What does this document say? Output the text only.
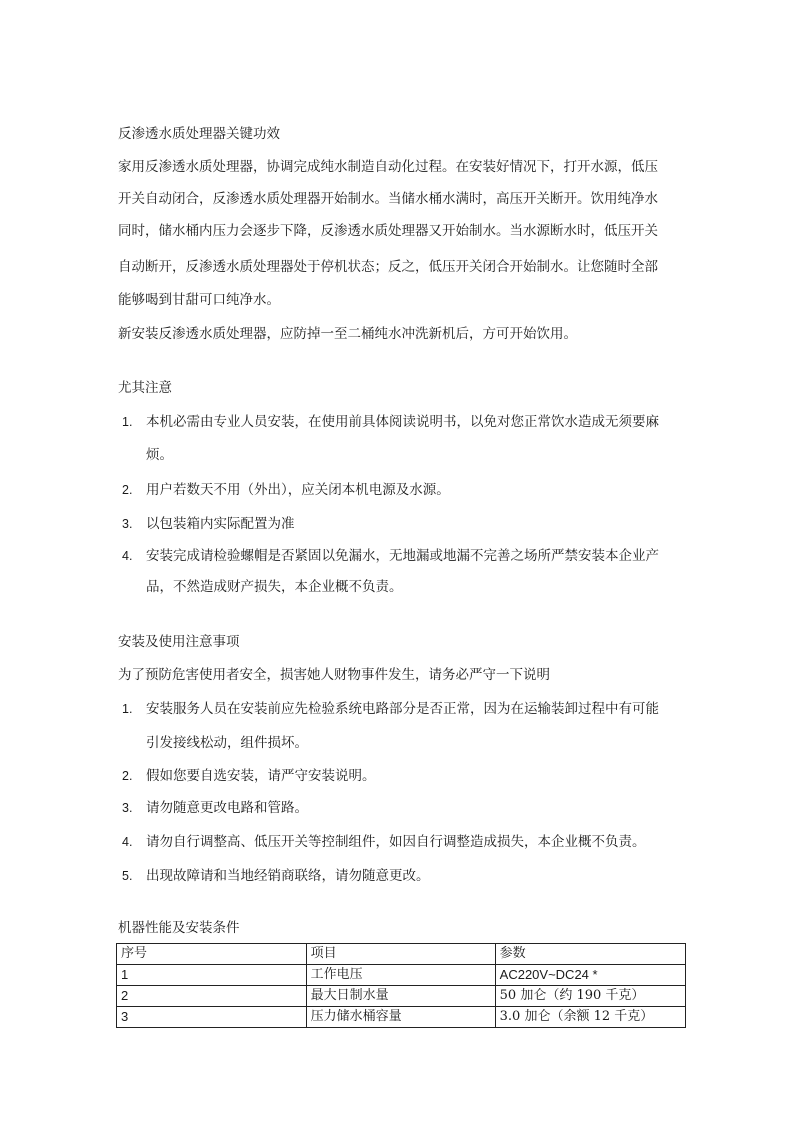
反渗透水质处理器关键功效
家用反渗透水质处理器，协调完成纯水制造自动化过程。在安装好情况下，打开水源，低压
开关自动闭合，反渗透水质处理器开始制水。当储水桶水满时，高压开关断开。饮用纯净水
同时，储水桶内压力会逐步下降，反渗透水质处理器又开始制水。当水源断水时，低压开关
自动断开，反渗透水质处理器处于停机状态；反之，低压开关闭合开始制水。让您随时全部
能够喝到甘甜可口纯净水。
新安装反渗透水质处理器，应防掉一至二桶纯水冲洗新机后，方可开始饮用。
尤其注意
1. 本机必需由专业人员安装，在使用前具体阅读说明书，以免对您正常饮水造成无须要麻
烦。
2. 用户若数天不用（外出），应关闭本机电源及水源。
3. 以包装箱内实际配置为准
4. 安装完成请检验螺帽是否紧固以免漏水，无地漏或地漏不完善之场所严禁安装本企业产
品，不然造成财产损失，本企业概不负责。
安装及使用注意事项
为了预防危害使用者安全，损害她人财物事件发生，请务必严守一下说明
1. 安装服务人员在安装前应先检验系统电路部分是否正常，因为在运输装卸过程中有可能
引发接线松动，组件损坏。
2. 假如您要自选安装，请严守安装说明。
3. 请勿随意更改电路和管路。
4. 请勿自行调整高、低压开关等控制组件，如因自行调整造成损失，本企业概不负责。
5. 出现故障请和当地经销商联络，请勿随意更改。
机器性能及安装条件
序号	项目	参数
1	工作电压	AC220V~DC24 *
2	最大日制水量	50 加仑（约 190 千克）
3	压力储水桶容量	3.0 加仑（余额 12 千克）
